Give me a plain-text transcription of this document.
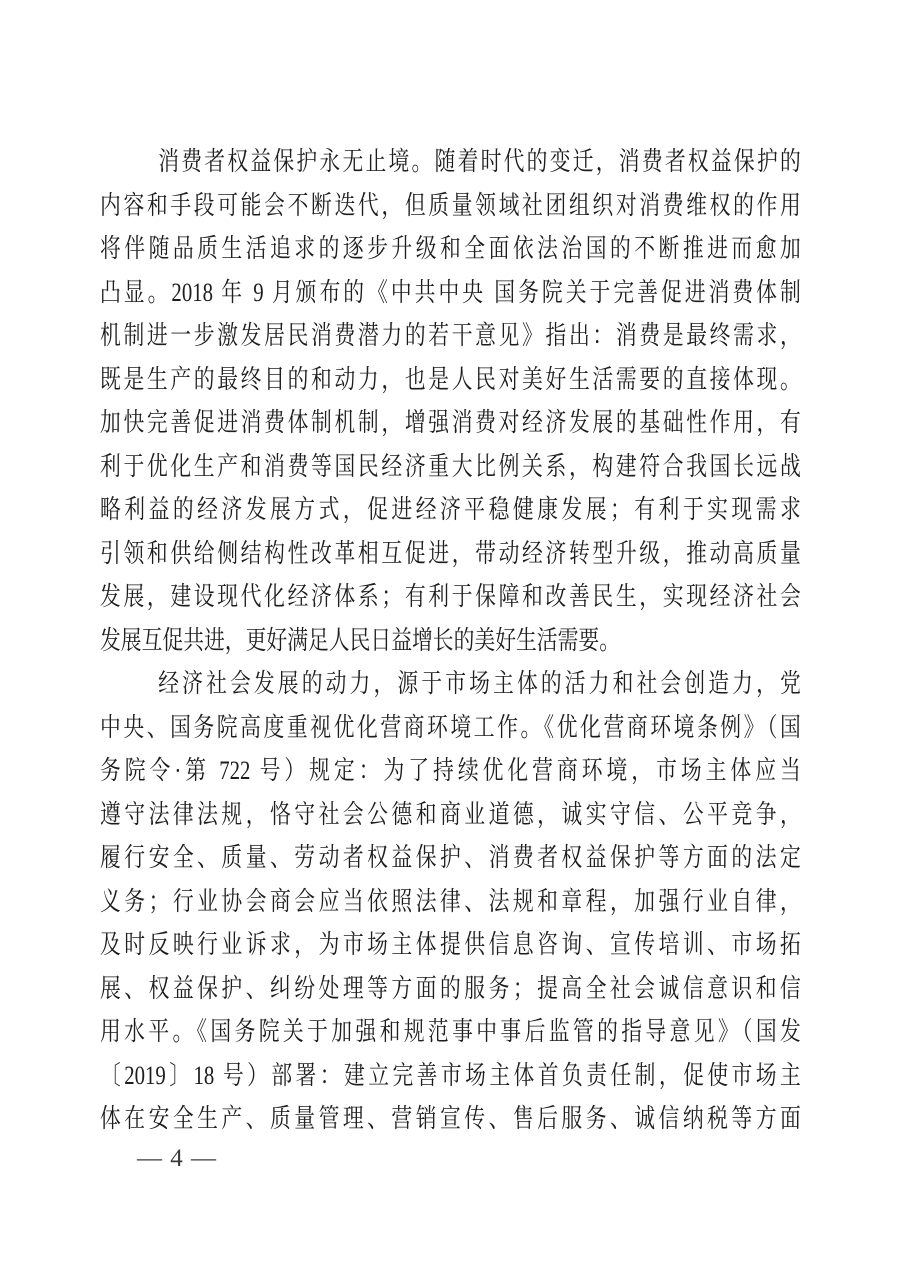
消费者权益保护永无止境。随着时代的变迁，消费者权益保护的
内容和手段可能会不断迭代，但质量领域社团组织对消费维权的作用
将伴随品质生活追求的逐步升级和全面依法治国的不断推进而愈加
凸显。2018 年 9 月颁布的《中共中央 国务院关于完善促进消费体制
机制进一步激发居民消费潜力的若干意见》指出：消费是最终需求，
既是生产的最终目的和动力，也是人民对美好生活需要的直接体现。
加快完善促进消费体制机制，增强消费对经济发展的基础性作用，有
利于优化生产和消费等国民经济重大比例关系，构建符合我国长远战
略利益的经济发展方式，促进经济平稳健康发展；有利于实现需求
引领和供给侧结构性改革相互促进，带动经济转型升级，推动高质量
发展，建设现代化经济体系；有利于保障和改善民生，实现经济社会
发展互促共进，更好满足人民日益增长的美好生活需要。
经济社会发展的动力，源于市场主体的活力和社会创造力，党
中央、国务院高度重视优化营商环境工作。《优化营商环境条例》（国
务院令·第 722 号）规定：为了持续优化营商环境，市场主体应当
遵守法律法规，恪守社会公德和商业道德，诚实守信、公平竞争，
履行安全、质量、劳动者权益保护、消费者权益保护等方面的法定
义务；行业协会商会应当依照法律、法规和章程，加强行业自律，
及时反映行业诉求，为市场主体提供信息咨询、宣传培训、市场拓
展、权益保护、纠纷处理等方面的服务；提高全社会诚信意识和信
用水平。《国务院关于加强和规范事中事后监管的指导意见》（国发
〔2019〕18 号）部署：建立完善市场主体首负责任制，促使市场主
体在安全生产、质量管理、营销宣传、售后服务、诚信纳税等方面
— 4 —
